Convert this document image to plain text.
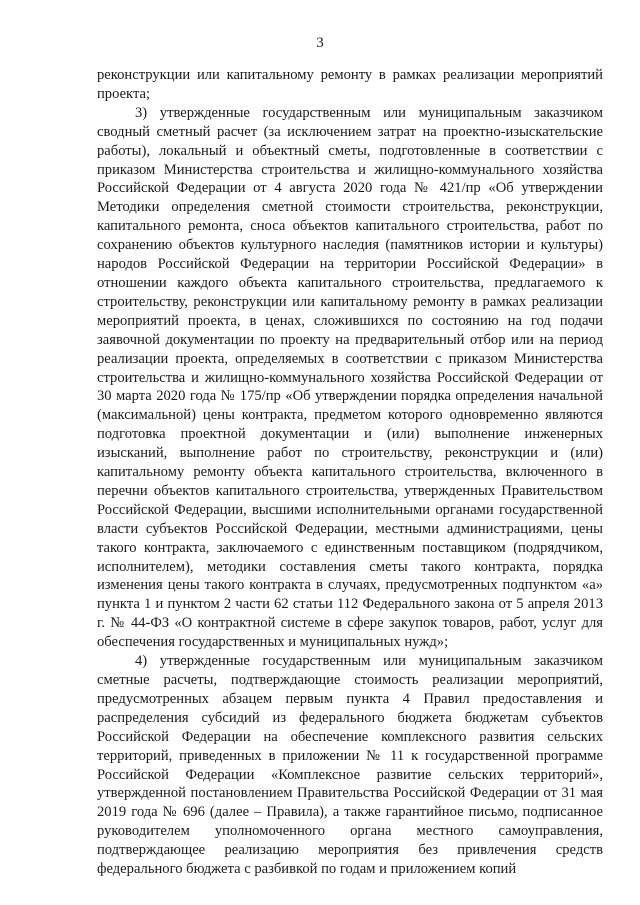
3

реконструкции или капитальному ремонту в рамках реализации мероприятий проекта;

3) утвержденные государственным или муниципальным заказчиком сводный сметный расчет (за исключением затрат на проектно-изыскательские работы), локальный и объектный сметы, подготовленные в соответствии с приказом Министерства строительства и жилищно-коммунального хозяйства Российской Федерации от 4 августа 2020 года № 421/пр «Об утверждении Методики определения сметной стоимости строительства, реконструкции, капитального ремонта, сноса объектов капитального строительства, работ по сохранению объектов культурного наследия (памятников истории и культуры) народов Российской Федерации на территории Российской Федерации» в отношении каждого объекта капитального строительства, предлагаемого к строительству, реконструкции или капитальному ремонту в рамках реализации мероприятий проекта, в ценах, сложившихся по состоянию на год подачи заявочной документации по проекту на предварительный отбор или на период реализации проекта, определяемых в соответствии с приказом Министерства строительства и жилищно-коммунального хозяйства Российской Федерации от 30 марта 2020 года № 175/пр «Об утверждении порядка определения начальной (максимальной) цены контракта, предметом которого одновременно являются подготовка проектной документации и (или) выполнение инженерных изысканий, выполнение работ по строительству, реконструкции и (или) капитальному ремонту объекта капитального строительства, включенного в перечни объектов капитального строительства, утвержденных Правительством Российской Федерации, высшими исполнительными органами государственной власти субъектов Российской Федерации, местными администрациями, цены такого контракта, заключаемого с единственным поставщиком (подрядчиком, исполнителем), методики составления сметы такого контракта, порядка изменения цены такого контракта в случаях, предусмотренных подпунктом «а» пункта 1 и пунктом 2 части 62 статьи 112 Федерального закона от 5 апреля 2013 г. № 44-ФЗ «О контрактной системе в сфере закупок товаров, работ, услуг для обеспечения государственных и муниципальных нужд»;

4) утвержденные государственным или муниципальным заказчиком сметные расчеты, подтверждающие стоимость реализации мероприятий, предусмотренных абзацем первым пункта 4 Правил предоставления и распределения субсидий из федерального бюджета бюджетам субъектов Российской Федерации на обеспечение комплексного развития сельских территорий, приведенных в приложении № 11 к государственной программе Российской Федерации «Комплексное развитие сельских территорий», утвержденной постановлением Правительства Российской Федерации от 31 мая 2019 года № 696 (далее – Правила), а также гарантийное письмо, подписанное руководителем уполномоченного органа местного самоуправления, подтверждающее реализацию мероприятия без привлечения средств федерального бюджета с разбивкой по годам и приложением копий
